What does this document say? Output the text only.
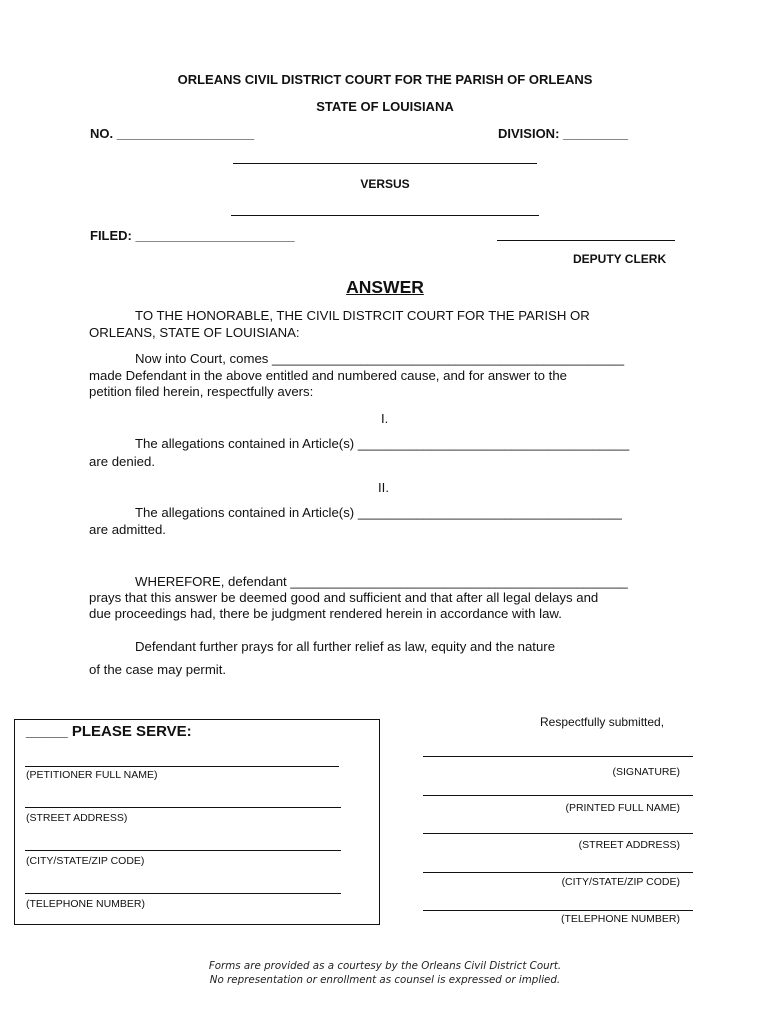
ORLEANS CIVIL DISTRICT COURT FOR THE PARISH OF ORLEANS
STATE OF LOUISIANA
NO. ___________________	DIVISION: _________
VERSUS
FILED: ______________________
DEPUTY CLERK
ANSWER
TO THE HONORABLE, THE CIVIL DISTRCIT COURT FOR THE PARISH OR
ORLEANS, STATE OF LOUISIANA:
Now into Court, comes ________________________________________________
made Defendant in the above entitled and numbered cause, and for answer to the
petition filed herein, respectfully avers:
I.
The allegations contained in Article(s) _____________________________________
are denied.
II.
The allegations contained in Article(s) ____________________________________
are admitted.
WHEREFORE, defendant ______________________________________________
prays that this answer be deemed good and sufficient and that after all legal delays and
due proceedings had, there be judgment rendered herein in accordance with law.
Defendant further prays for all further relief as law, equity and the nature
of the case may permit.
_____ PLEASE SERVE:
(PETITIONER FULL NAME)
(STREET ADDRESS)
(CITY/STATE/ZIP CODE)
(TELEPHONE NUMBER)
Respectfully submitted,
(SIGNATURE)
(PRINTED FULL NAME)
(STREET ADDRESS)
(CITY/STATE/ZIP CODE)
(TELEPHONE NUMBER)
Forms are provided as a courtesy by the Orleans Civil District Court.
No representation or enrollment as counsel is expressed or implied.
